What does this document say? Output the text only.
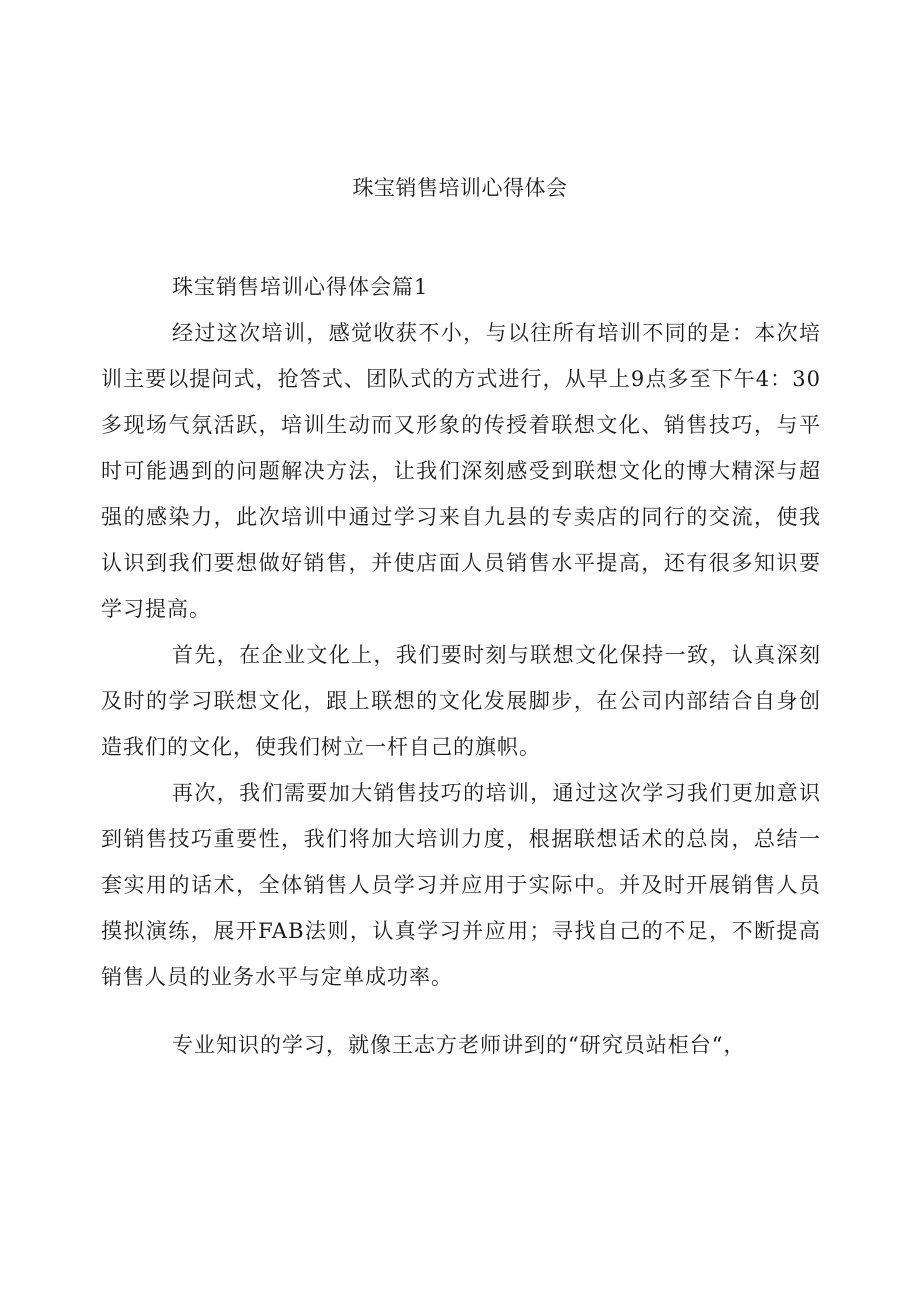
珠宝销售培训心得体会

珠宝销售培训心得体会篇1

经过这次培训，感觉收获不小，与以往所有培训不同的是：本次培训主要以提问式，抢答式、团队式的方式进行，从早上9点多至下午4：30多现场气氛活跃，培训生动而又形象的传授着联想文化、销售技巧，与平时可能遇到的问题解决方法，让我们深刻感受到联想文化的博大精深与超强的感染力，此次培训中通过学习来自九县的专卖店的同行的交流，使我认识到我们要想做好销售，并使店面人员销售水平提高，还有很多知识要学习提高。

首先，在企业文化上，我们要时刻与联想文化保持一致，认真深刻及时的学习联想文化，跟上联想的文化发展脚步，在公司内部结合自身创造我们的文化，使我们树立一杆自己的旗帜。

再次，我们需要加大销售技巧的培训，通过这次学习我们更加意识到销售技巧重要性，我们将加大培训力度，根据联想话术的总岗，总结一套实用的话术，全体销售人员学习并应用于实际中。并及时开展销售人员摸拟演练，展开FAB法则，认真学习并应用；寻找自己的不足，不断提高销售人员的业务水平与定单成功率。

专业知识的学习，就像王志方老师讲到的“研究员站柜台“，
